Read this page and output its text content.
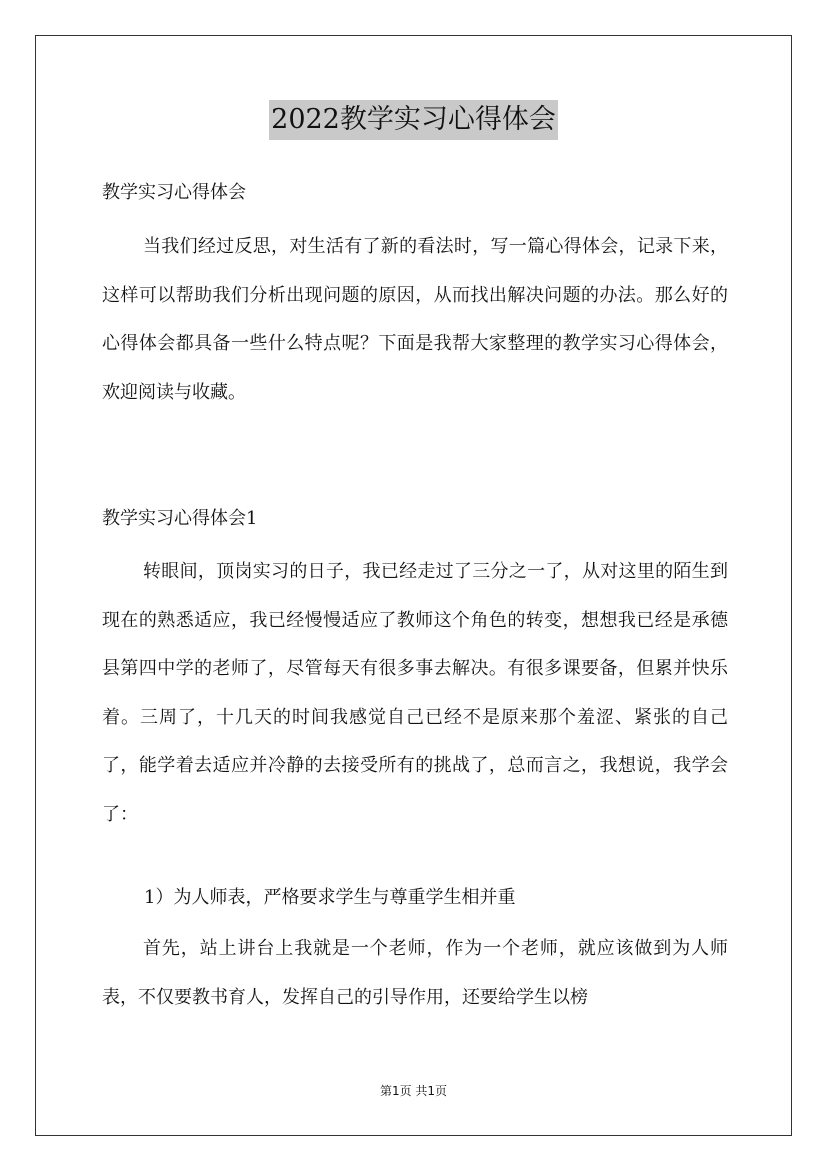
2022教学实习心得体会
教学实习心得体会
当我们经过反思，对生活有了新的看法时，写一篇心得体会，记录下来，这样可以帮助我们分析出现问题的原因，从而找出解决问题的办法。那么好的心得体会都具备一些什么特点呢？下面是我帮大家整理的教学实习心得体会，欢迎阅读与收藏。
教学实习心得体会1
转眼间，顶岗实习的日子，我已经走过了三分之一了，从对这里的陌生到现在的熟悉适应，我已经慢慢适应了教师这个角色的转变，想想我已经是承德县第四中学的老师了，尽管每天有很多事去解决。有很多课要备，但累并快乐着。三周了，十几天的时间我感觉自己已经不是原来那个羞涩、紧张的自己了，能学着去适应并冷静的去接受所有的挑战了，总而言之，我想说，我学会了：
1）为人师表，严格要求学生与尊重学生相并重
首先，站上讲台上我就是一个老师，作为一个老师，就应该做到为人师表，不仅要教书育人，发挥自己的引导作用，还要给学生以榜
第1页 共1页
